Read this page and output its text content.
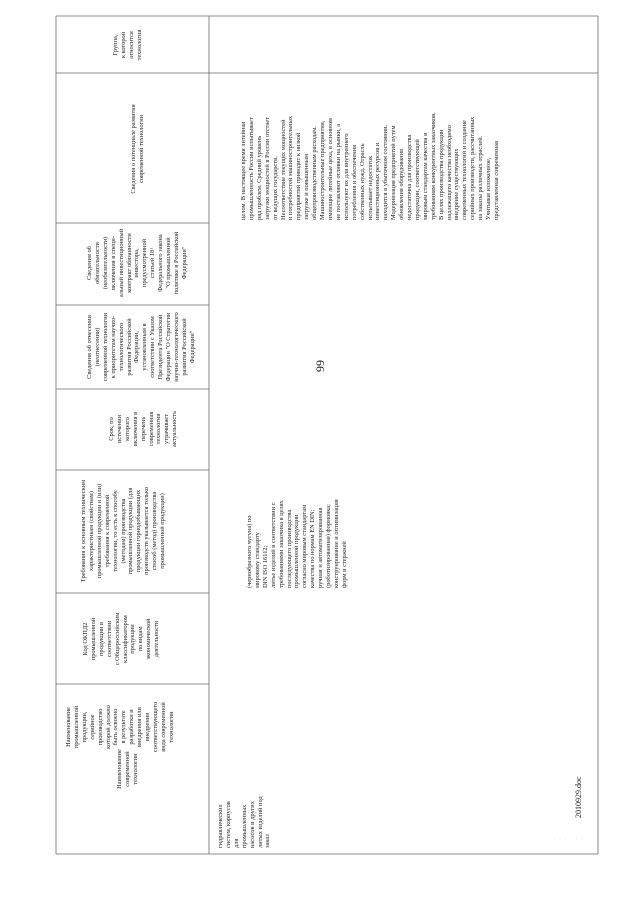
99
· · · · · · · ·
2010929.doc
Наименование современной технологии
Наименование промышленной продукции, серийное производство которой должно быть освоено в результате разработки и внедрения или внедрения соответствующего вида современной технологии
Код ОКПД2 промышленной продукции в соответствии с Общероссийским классификатором продукции по видам экономической деятельности
Требования к основным техническим характеристикам (свойствам) промышленной продукции и (или) требования к современной технологии, то есть к способу (методам) производства промышленной продукции (для продукции горнодобывающих производств указывается только способ (метод) производства промышленной продукции)
Срок, по истечении которого включения в перечень современная технология утрачивает актуальность
Сведения об отнесении (неотнесении) современной технологии к приоритетам научно- технологического развития Российской Федерации, установленным в соответствии с Указом Президента Российской Федерации "О Стратегии научно-технологического развития Российской Федерации"
Сведения об обязательности (необязательности) включения в специ- альный инвестиционный контракт обязанности инвестора, предусмотренной статьей 18¹ Федерального закона "О промышленной политике в Российской Федерации"
Сведения о потенциале развития современной технологии
Группа, к которой относится технология
гидравлических систем, корпусов для промышленных насосов и других литых изделий под заказ
(чернобразного чугуна) по мировому стандарту DIN ISO 16112; литье изделий в соответствии с требованиями заказчика в целях последующего производства промышленной продукции согласно мировым стандартам качества по нормам EN DIN; ручная и автоматизированная (роботизированная) формовка; конструирование и оптимизация форм и стержней
целом. В настоящее время литейная промышленность России испытывает ряд проблем. Средний уровень загрузки мощностей в России отстает от ведущих государств. Несоответствие текущих мощностей и потребностей машиностроительных предприятий приводит к низкой загрузке и повышенным общепроизводственным расходам. Машиностроительные предприятия, имеющие литейные цеха, в основном не поставляют отливки на рынки, а используют их для внутреннего потребления и обеспечения собственных нужд. Отрасль испытывает недостаток инвестиционных ресурсов и находится в убыточном состоянии. Модернизация предприятий путем обновления оборудования недостаточна для производства продукции, соответствующей мировым стандартам качества и требованиям конкурентных заказчиков. В целях производства продукции надлежащего качества необходимо внедрение существующих современных технологий и создание серийных производств, рассчитанных на заказы различных отраслей. Учитывая изложенное, представленная современная
